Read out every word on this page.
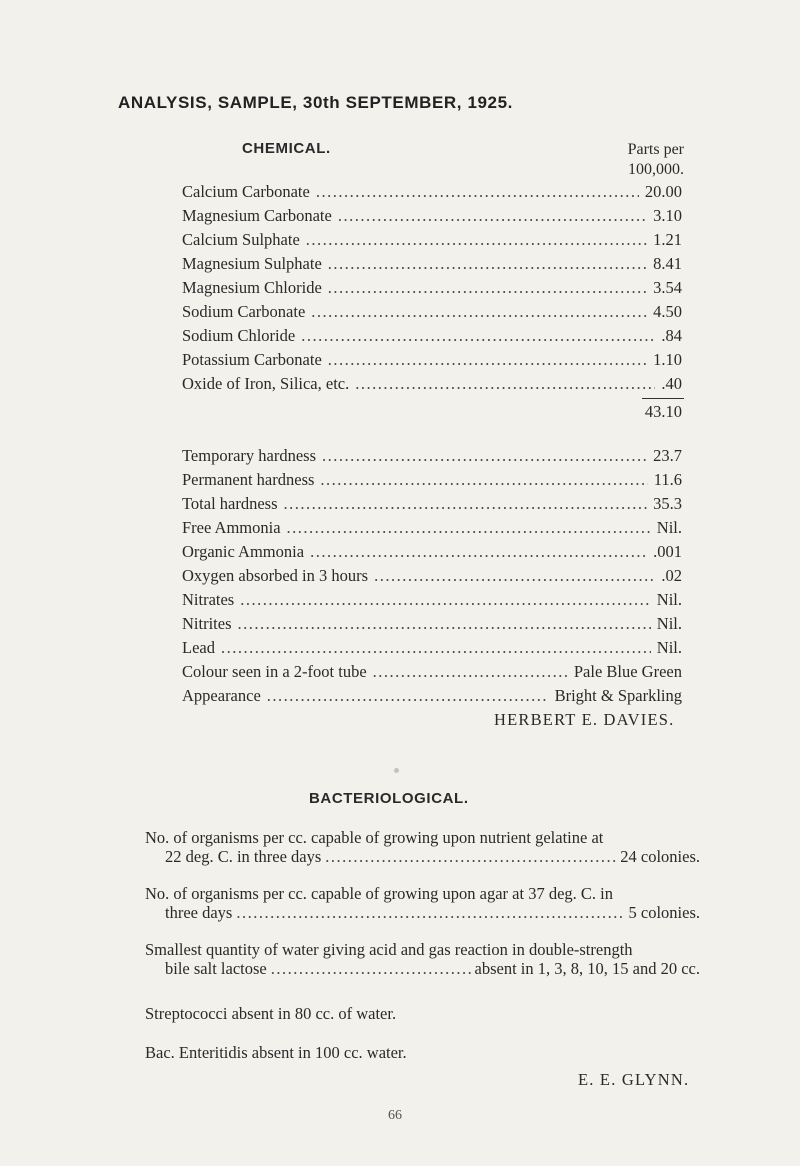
ANALYSIS, SAMPLE, 30th SEPTEMBER, 1925.
CHEMICAL.	Parts per
100,000.
Calcium Carbonate .....	20.00
Magnesium Carbonate .....	3.10
Calcium Sulphate .....	1.21
Magnesium Sulphate .....	8.41
Magnesium Chloride .....	3.54
Sodium Carbonate .....	4.50
Sodium Chloride .....	.84
Potassium Carbonate .....	1.10
Oxide of Iron, Silica, etc. .....	.40
43.10
Temporary hardness .....	23.7
Permanent hardness .....	11.6
Total hardness .....	35.3
Free Ammonia .....	Nil.
Organic Ammonia .....	.001
Oxygen absorbed in 3 hours .....	.02
Nitrates .....	Nil.
Nitrites .....	Nil.
Lead .....	Nil.
Colour seen in a 2-foot tube .....	Pale Blue Green
Appearance .....	Bright & Sparkling
HERBERT E. DAVIES.
BACTERIOLOGICAL.
No. of organisms per cc. capable of growing upon nutrient gelatine at
22 deg. C. in three days .....	24 colonies.
No. of organisms per cc. capable of growing upon agar at 37 deg. C. in
three days .....	5 colonies.
Smallest quantity of water giving acid and gas reaction in double-strength
bile salt lactose .....	absent in 1, 3, 8, 10, 15 and 20 cc.
Streptococci absent in 80 cc. of water.
Bac. Enteritidis absent in 100 cc. water.
E. E. GLYNN.
66
